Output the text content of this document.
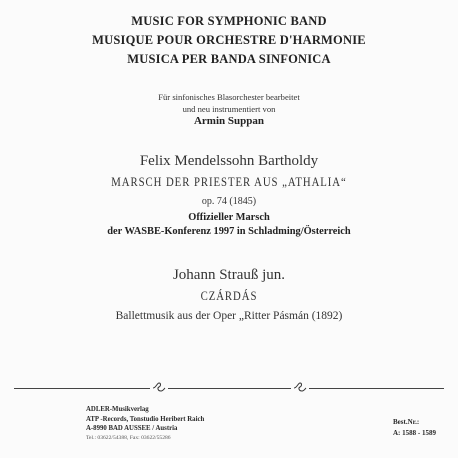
MUSIC FOR SYMPHONIC BAND
MUSIQUE POUR ORCHESTRE D'HARMONIE
MUSICA PER BANDA SINFONICA
Für sinfonisches Blasorchester bearbeitet
und neu instrumentiert von
Armin Suppan
Felix Mendelssohn Bartholdy
MARSCH DER PRIESTER AUS „ATHALIA“
op. 74 (1845)
Offizieller Marsch
der WASBE-Konferenz 1997 in Schladming/Österreich
Johann Strauß jun.
CZÁRDÁS
Ballettmusik aus der Oper „Ritter Pásmán (1892)
ADLER-Musikverlag
ATP -Records, Tonstudio Heribert Raich
A-8990 BAD AUSSEE / Austria
Tel.: 03622/54388, Fax: 03622/55286
Best.Nr.:
A: 1588 - 1589
